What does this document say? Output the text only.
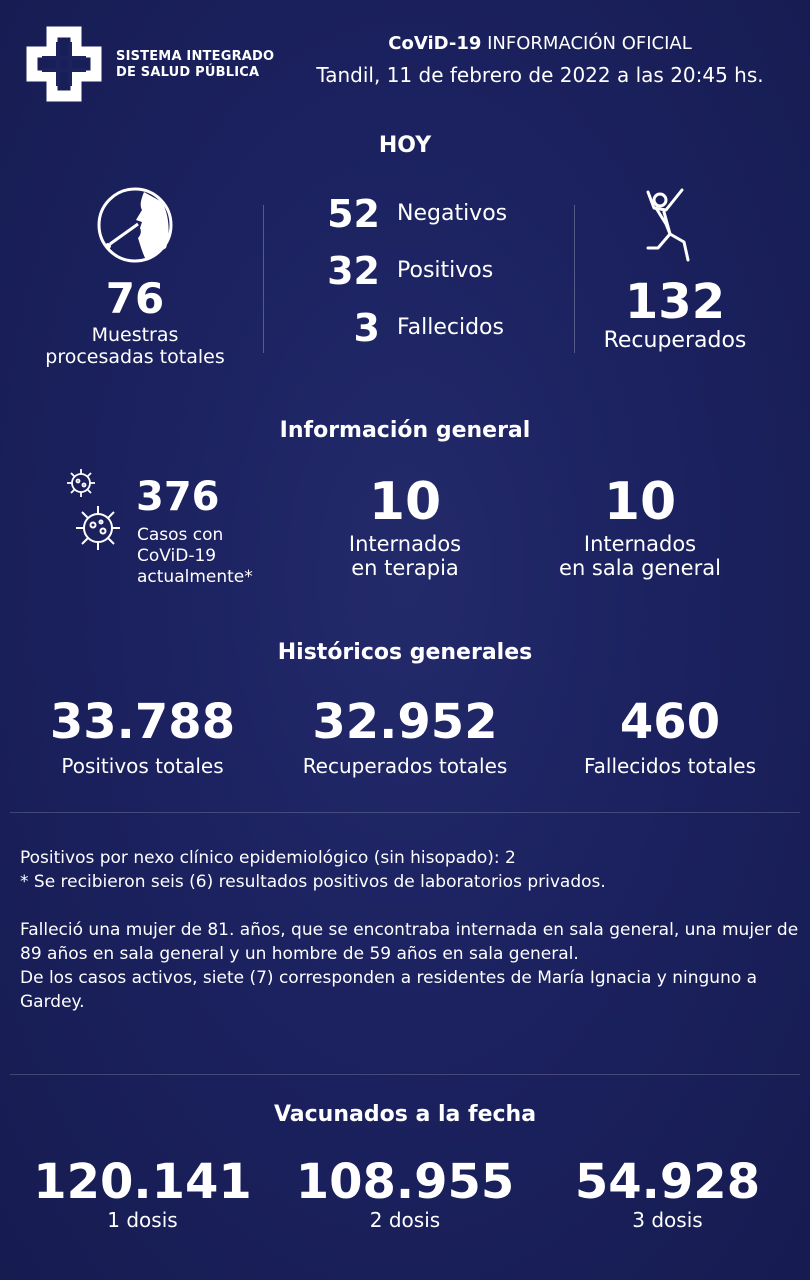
SISTEMA INTEGRADO
DE SALUD PÚBLICA
CoViD-19 INFORMACIÓN OFICIAL
Tandil, 11 de febrero de 2022 a las 20:45 hs.
HOY
76
Muestras
procesadas totales
52 Negativos
32 Positivos
3 Fallecidos	132
Recuperados
Información general
376
Casos con
CoViD-19
actualmente*
10
Internados
en terapia
10
Internados
en sala general
Históricos generales
33.788
Positivos totales
32.952
Recuperados totales
460
Fallecidos totales

Positivos por nexo clínico epidemiológico (sin hisopado): 2

* Se recibieron seis (6) resultados positivos de laboratorios privados.

Falleció una mujer de 81. años, que se encontraba internada en sala general, una mujer de 89 años en sala general y un hombre de 59 años en sala general.

De los casos activos, siete (7) corresponden a residentes de María Ignacia y ninguno a Gardey.

Vacunados a la fecha
120.141
1 dosis
108.955
2 dosis
54.928
3 dosis
